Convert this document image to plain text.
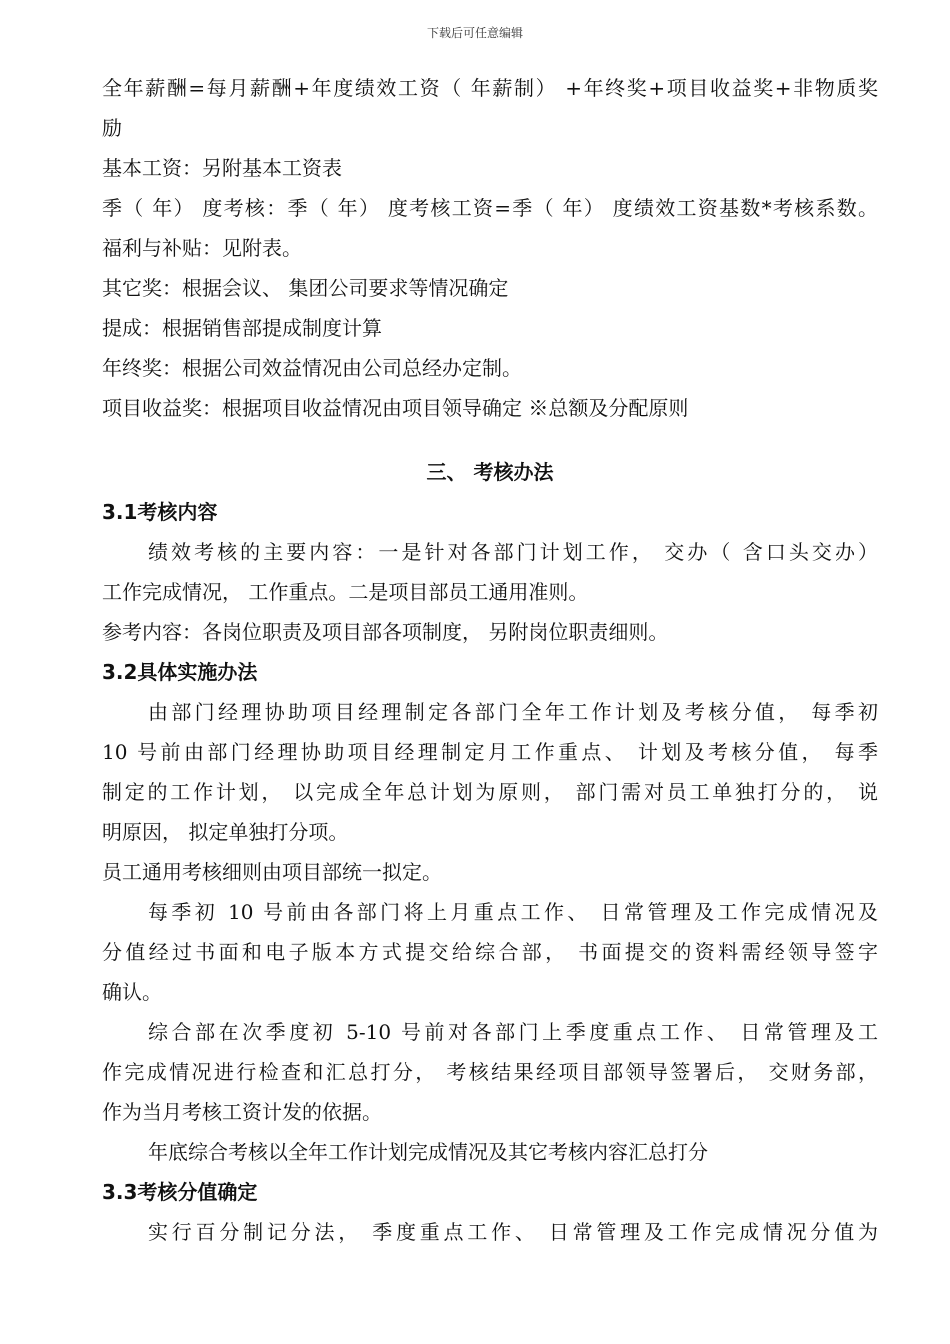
下载后可任意编辑
全年薪酬=每月薪酬+年度绩效工资（ 年薪制） +年终奖+项目收益奖+非物质奖
励
基本工资：另附基本工资表
季（ 年） 度考核：季（ 年） 度考核工资=季（ 年） 度绩效工资基数*考核系数。
福利与补贴：见附表。
其它奖：根据会议、 集团公司要求等情况确定
提成：根据销售部提成制度计算
年终奖：根据公司效益情况由公司总经办定制。
项目收益奖：根据项目收益情况由项目领导确定 ※总额及分配原则
三、 考核办法
3.1考核内容
绩效考核的主要内容：一是针对各部门计划工作， 交办（ 含口头交办）
工作完成情况， 工作重点。二是项目部员工通用准则。
参考内容：各岗位职责及项目部各项制度， 另附岗位职责细则。
3.2具体实施办法
由部门经理协助项目经理制定各部门全年工作计划及考核分值， 每季初
10 号前由部门经理协助项目经理制定月工作重点、 计划及考核分值， 每季
制定的工作计划， 以完成全年总计划为原则， 部门需对员工单独打分的， 说
明原因， 拟定单独打分项。
员工通用考核细则由项目部统一拟定。
每季初 10 号前由各部门将上月重点工作、 日常管理及工作完成情况及
分值经过书面和电子版本方式提交给综合部， 书面提交的资料需经领导签字
确认。
综合部在次季度初 5-10 号前对各部门上季度重点工作、 日常管理及工
作完成情况进行检查和汇总打分， 考核结果经项目部领导签署后， 交财务部，
作为当月考核工资计发的依据。
年底综合考核以全年工作计划完成情况及其它考核内容汇总打分
3.3考核分值确定
实行百分制记分法， 季度重点工作、 日常管理及工作完成情况分值为
